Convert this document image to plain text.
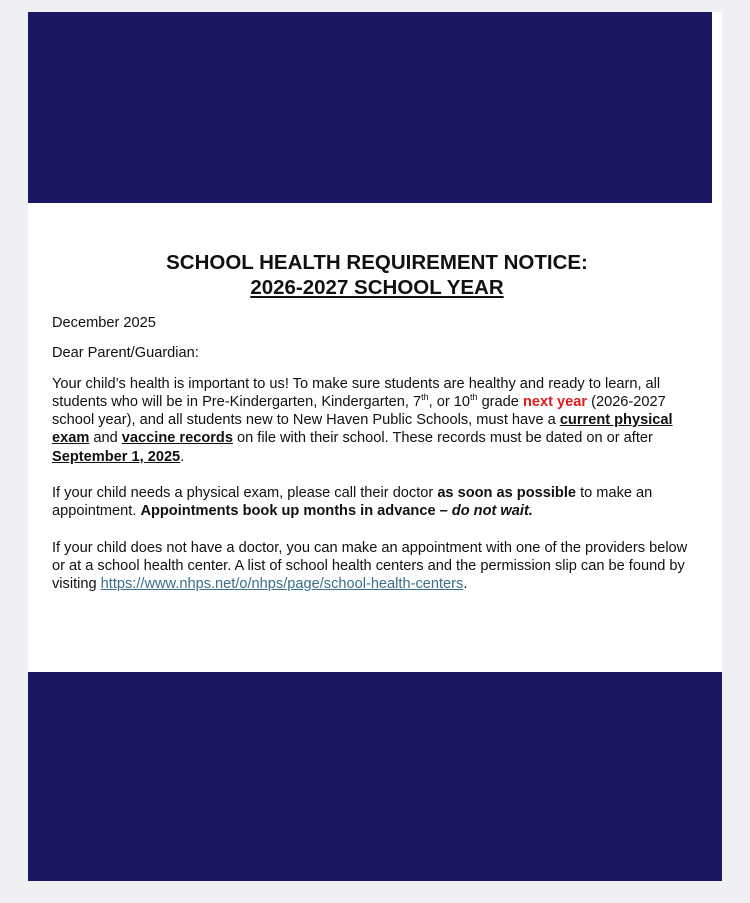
SCHOOL HEALTH REQUIREMENT NOTICE:
2026-2027 SCHOOL YEAR

December 2025

Dear Parent/Guardian:

Your child’s health is important to us! To make sure students are healthy and ready to learn, all students who will be in Pre-Kindergarten, Kindergarten, 7th, or 10th grade next year (2026-2027 school year), and all students new to New Haven Public Schools, must have a current physical exam and vaccine records on file with their school. These records must be dated on or after September 1, 2025.

If your child needs a physical exam, please call their doctor as soon as possible to make an appointment. Appointments book up months in advance – do not wait.

If your child does not have a doctor, you can make an appointment with one of the providers below or at a school health center. A list of school health centers and the permission slip can be found by visiting https://www.nhps.net/o/nhps/page/school-health-centers.
